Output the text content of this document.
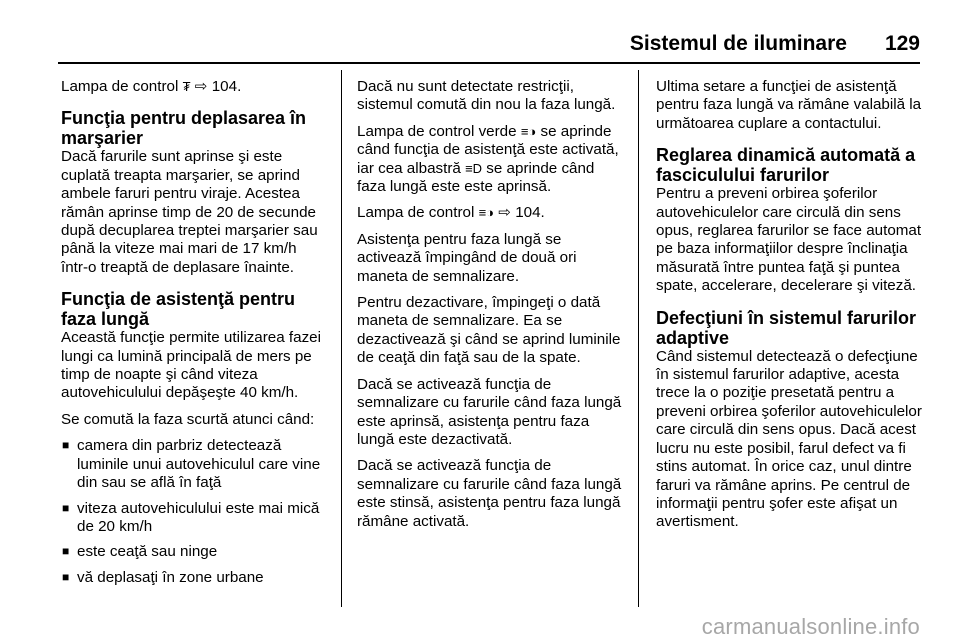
Sistemul de iluminare 129

Lampa de control ₮ ⇨ 104.

Funcţia pentru deplasarea în marşarier

Dacă farurile sunt aprinse şi este cuplată treapta marşarier, se aprind ambele faruri pentru viraje. Acestea rămân aprinse timp de 20 de secunde după decuplarea treptei marşarier sau până la viteze mai mari de 17 km/h într-o treaptă de deplasare înainte.

Funcţia de asistenţă pentru faza lungă

Această funcţie permite utilizarea fazei lungi ca lumină principală de mers pe timp de noapte şi când viteza autovehiculului depăşeşte 40 km/h.

Se comută la faza scurtă atunci când:

■ camera din parbriz detectează luminile unui autovehiculul care vine din sau se află în faţă
■ viteza autovehiculului este mai mică de 20 km/h
■ este ceaţă sau ninge
■ vă deplasaţi în zone urbane

Dacă nu sunt detectate restricţii, sistemul comută din nou la faza lungă.

Lampa de control verde ≡◑ se aprinde când funcţia de asistenţă este activată, iar cea albastră ≡D se aprinde când faza lungă este este aprinsă.

Lampa de control ≡◑ ⇨ 104.

Asistenţa pentru faza lungă se activează împingând de două ori maneta de semnalizare.

Pentru dezactivare, împingeţi o dată maneta de semnalizare. Ea se dezactivează şi când se aprind luminile de ceaţă din faţă sau de la spate.

Dacă se activează funcţia de semnalizare cu farurile când faza lungă este aprinsă, asistenţa pentru faza lungă este dezactivată.

Dacă se activează funcţia de semnalizare cu farurile când faza lungă este stinsă, asistenţa pentru faza lungă rămâne activată.

Ultima setare a funcţiei de asistenţă pentru faza lungă va rămâne valabilă la următoarea cuplare a contactului.

Reglarea dinamică automată a fasciculului farurilor

Pentru a preveni orbirea şoferilor autovehiculelor care circulă din sens opus, reglarea farurilor se face automat pe baza informaţiilor despre înclinaţia măsurată între puntea faţă şi puntea spate, accelerare, decelerare şi viteză.

Defecţiuni în sistemul farurilor adaptive

Când sistemul detectează o defecţiune în sistemul farurilor adaptive, acesta trece la o poziţie presetată pentru a preveni orbirea şoferilor autovehiculelor care circulă din sens opus. Dacă acest lucru nu este posibil, farul defect va fi stins automat. În orice caz, unul dintre faruri va rămâne aprins. Pe centrul de informaţii pentru şofer este afişat un avertisment.

carmanualsonline.info
